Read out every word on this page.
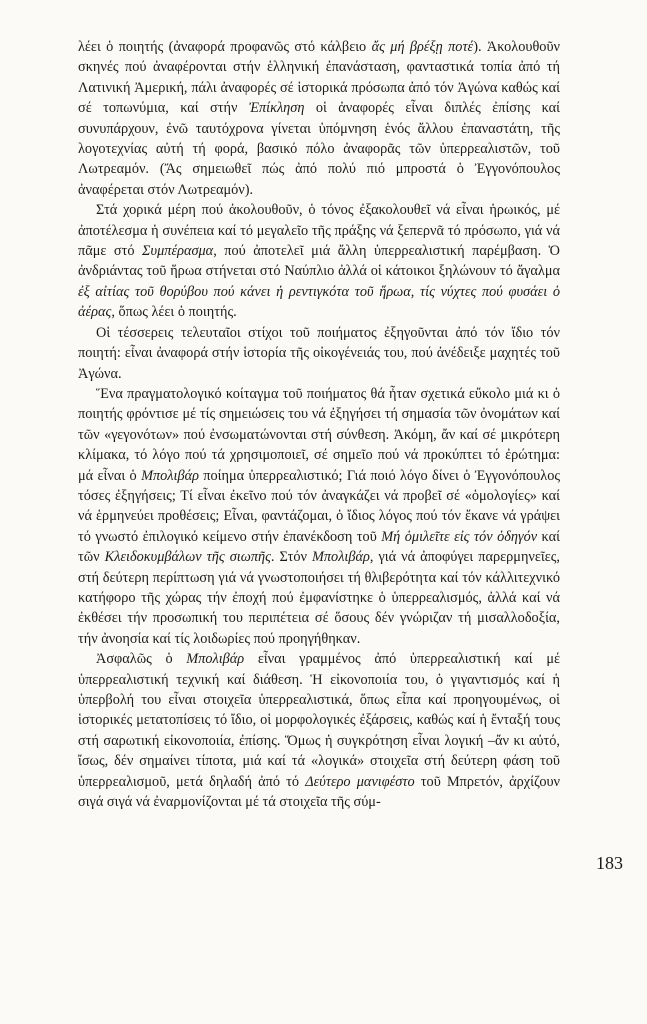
λέει ὁ ποιητής (ἀναφορά προφανῶς στό κάλβειο ἄς μή βρέξῃ ποτέ). Ἀκολουθοῦν σκηνές πού ἀναφέρονται στήν ἑλληνική ἐπανάσταση, φανταστικά τοπία ἀπό τή Λατινική Ἀμερική, πάλι ἀναφορές σέ ἱστορικά πρόσωπα ἀπό τόν Ἀγώνα καθώς καί σέ τοπωνύμια, καί στήν Ἐπίκληση οἱ ἀναφορές εἶναι διπλές ἐπίσης καί συνυπάρχουν, ἐνῶ ταυτόχρονα γίνεται ὑπόμνηση ἑνός ἄλλου ἐπαναστάτη, τῆς λογοτεχνίας αὐτή τή φορά, βασικό πόλο ἀναφορᾶς τῶν ὑπερρεαλιστῶν, τοῦ Λωτρεαμόν. (Ἄς σημειωθεῖ πώς ἀπό πολύ πιό μπροστά ὁ Ἐγγονόπουλος ἀναφέρεται στόν Λωτρεαμόν).

Στά χορικά μέρη πού ἀκολουθοῦν, ὁ τόνος ἐξακολουθεῖ νά εἶναι ἡρωικός, μέ ἀποτέλεσμα ἡ συνέπεια καί τό μεγαλεῖο τῆς πράξης νά ξεπερνᾶ τό πρόσωπο, γιά νά πᾶμε στό Συμπέρασμα, πού ἀποτελεῖ μιά ἄλλη ὑπερρεαλιστική παρέμβαση. Ὁ ἀνδριάντας τοῦ ἥρωα στήνεται στό Ναύπλιο ἀλλά οἱ κάτοικοι ξηλώνουν τό ἄγαλμα ἐξ αἰτίας τοῦ θορύβου πού κάνει ἡ ρεντιγκότα τοῦ ἥρωα, τίς νύχτες πού φυσάει ὁ ἀέρας, ὅπως λέει ὁ ποιητής.

Οἱ τέσσερεις τελευταῖοι στίχοι τοῦ ποιήματος ἐξηγοῦνται ἀπό τόν ἴδιο τόν ποιητή: εἶναι ἀναφορά στήν ἱστορία τῆς οἰκογένειάς του, πού ἀνέδειξε μαχητές τοῦ Ἀγώνα.

Ἕνα πραγματολογικό κοίταγμα τοῦ ποιήματος θά ἦταν σχετικά εὔκολο μιά κι ὁ ποιητής φρόντισε μέ τίς σημειώσεις του νά ἐξηγήσει τή σημασία τῶν ὀνομάτων καί τῶν «γεγονότων» πού ἐνσωματώνονται στή σύνθεση. Ἀκόμη, ἄν καί σέ μικρότερη κλίμακα, τό λόγο πού τά χρησιμοποιεῖ, σέ σημεῖο πού νά προκύπτει τό ἐρώτημα: μά εἶναι ὁ Μπολιβάρ ποίημα ὑπερρεαλιστικό; Γιά ποιό λόγο δίνει ὁ Ἐγγονόπουλος τόσες ἐξηγήσεις; Τί εἶναι ἐκεῖνο πού τόν ἀναγκάζει νά προβεῖ σέ «ὁμολογίες» καί νά ἑρμηνεύει προθέσεις; Εἶναι, φαντάζομαι, ὁ ἴδιος λόγος πού τόν ἔκανε νά γράψει τό γνωστό ἐπιλογικό κείμενο στήν ἐπανέκδοση τοῦ Μή ὁμιλεῖτε εἰς τόν ὁδηγόν καί τῶν Κλειδοκυμβάλων τῆς σιωπῆς. Στόν Μπολιβάρ, γιά νά ἀποφύγει παρερμηνεῖες, στή δεύτερη περίπτωση γιά νά γνωστοποιήσει τή θλιβερότητα καί τόν κάλλιτεχνικό κατήφορο τῆς χώρας τήν ἐποχή πού ἐμφανίστηκε ὁ ὑπερρεαλισμός, ἀλλά καί νά ἐκθέσει τήν προσωπική του περιπέτεια σέ ὅσους δέν γνώριζαν τή μισαλλοδοξία, τήν ἀνοησία καί τίς λοιδωρίες πού προηγήθηκαν.

Ἀσφαλῶς ὁ Μπολιβάρ εἶναι γραμμένος ἀπό ὑπερρεαλιστική καί μέ ὑπερρεαλιστική τεχνική καί διάθεση. Ἡ εἰκονοποιία του, ὁ γιγαντισμός καί ἡ ὑπερβολή του εἶναι στοιχεῖα ὑπερρεαλιστικά, ὅπως εἶπα καί προηγουμένως, οἱ ἱστορικές μετατοπίσεις τό ἴδιο, οἱ μορφολογικές ἐξάρσεις, καθώς καί ἡ ἔνταξή τους στή σαρωτική εἰκονοποιία, ἐπίσης. Ὅμως ἡ συγκρότηση εἶναι λογική –ἄν κι αὐτό, ἴσως, δέν σημαίνει τίποτα, μιά καί τά «λογικά» στοιχεῖα στή δεύτερη φάση τοῦ ὑπερρεαλισμοῦ, μετά δηλαδή ἀπό τό Δεύτερο μανιφέστο τοῦ Μπρετόν, ἀρχίζουν σιγά σιγά νά ἐναρμονίζονται μέ τά στοιχεῖα τῆς σύμ-

183
